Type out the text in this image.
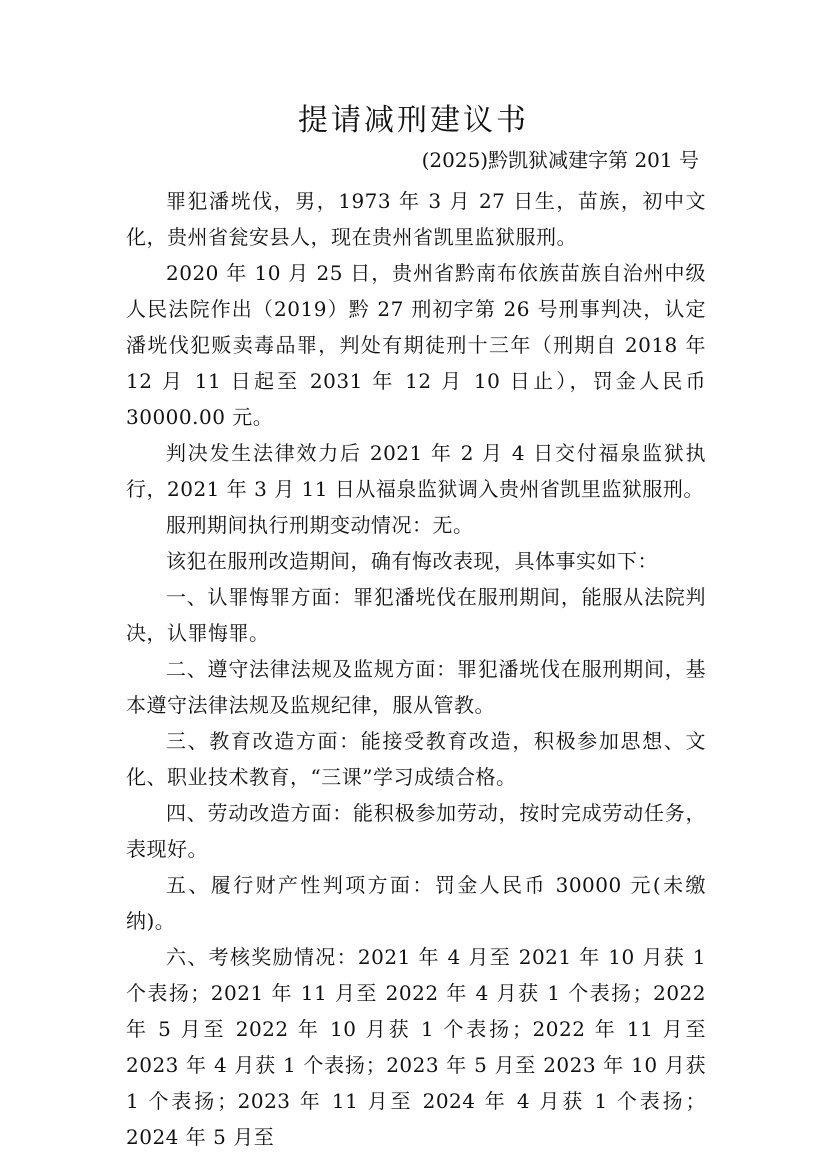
提请减刑建议书
(2025)黔凯狱减建字第 201 号

罪犯潘垙伐，男，1973 年 3 月 27 日生，苗族，初中文化，贵州省瓮安县人，现在贵州省凯里监狱服刑。

2020 年 10 月 25 日，贵州省黔南布依族苗族自治州中级人民法院作出（2019）黔 27 刑初字第 26 号刑事判决，认定潘垙伐犯贩卖毒品罪，判处有期徒刑十三年（刑期自 2018 年 12 月 11 日起至 2031 年 12 月 10 日止），罚金人民币 30000.00 元。

判决发生法律效力后 2021 年 2 月 4 日交付福泉监狱执行，2021 年 3 月 11 日从福泉监狱调入贵州省凯里监狱服刑。

服刑期间执行刑期变动情况：无。

该犯在服刑改造期间，确有悔改表现，具体事实如下：

一、认罪悔罪方面：罪犯潘垙伐在服刑期间，能服从法院判决，认罪悔罪。

二、遵守法律法规及监规方面：罪犯潘垙伐在服刑期间，基本遵守法律法规及监规纪律，服从管教。

三、教育改造方面：能接受教育改造，积极参加思想、文化、职业技术教育，“三课”学习成绩合格。

四、劳动改造方面：能积极参加劳动，按时完成劳动任务，表现好。

五、履行财产性判项方面：罚金人民币 30000 元(未缴纳)。

六、考核奖励情况：2021 年 4 月至 2021 年 10 月获 1 个表扬；2021 年 11 月至 2022 年 4 月获 1 个表扬；2022 年 5 月至 2022 年 10 月获 1 个表扬；2022 年 11 月至 2023 年 4 月获 1 个表扬；2023 年 5 月至 2023 年 10 月获 1 个表扬；2023 年 11 月至 2024 年 4 月获 1 个表扬；2024 年 5 月至
